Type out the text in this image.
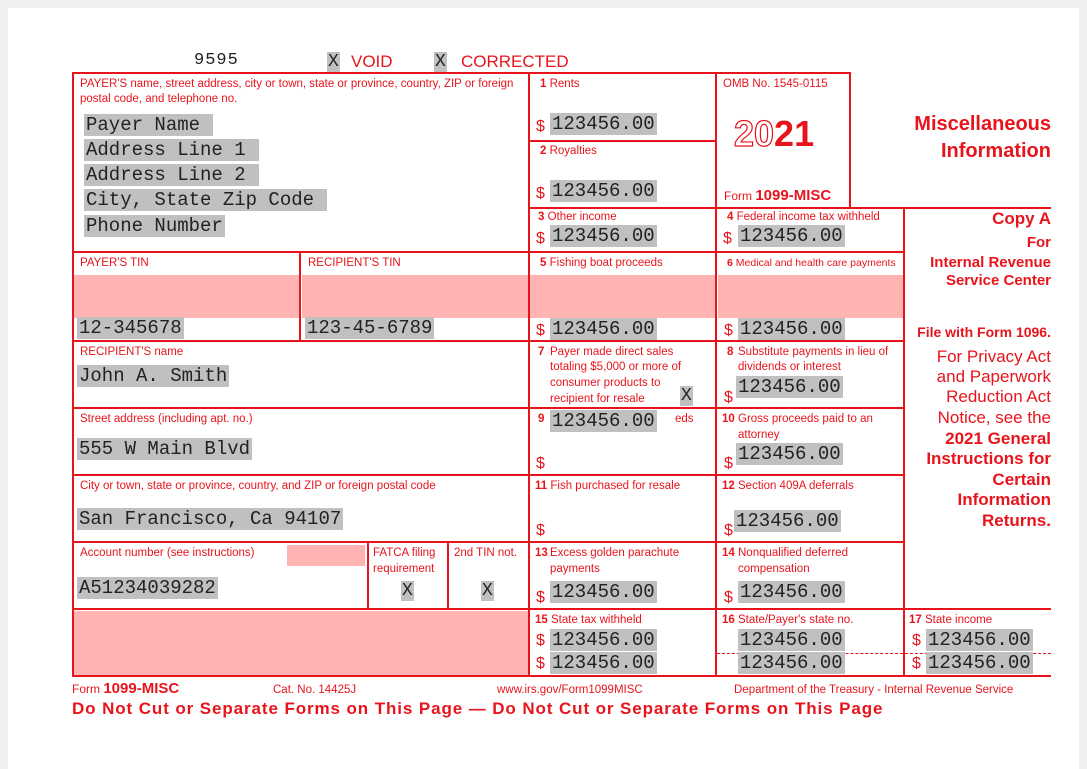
9595	X VOID X CORRECTED
PAYER'S name, street address, city or town, state or province, country, ZIP or foreign postal code, and telephone no.
Payer Name
Address Line 1
Address Line 2
City, State Zip Code
Phone Number
1 Rents
$ 123456.00
2 Royalties
$ 123456.00
OMB No. 1545-0115
2021
Form 1099-MISC
Miscellaneous
Information
Copy A
For
Internal Revenue
Service Center
File with Form 1096.
For Privacy Act
and Paperwork
Reduction Act
Notice, see the
2021 General
Instructions for
Certain
Information
Returns.
3 Other income
$ 123456.00
4 Federal income tax withheld
$ 123456.00
PAYER'S TIN
12-345678
RECIPIENT'S TIN
123-45-6789
5 Fishing boat proceeds
$ 123456.00
6 Medical and health care payments
$ 123456.00
RECIPIENT'S name
John A. Smith
7 Payer made direct sales
totaling $5,000 or more of
consumer products to
recipient for resale X
8 Substitute payments in lieu of
dividends or interest
$ 123456.00
Street address (including apt. no.)
555 W Main Blvd
9 123456.00 eds
$
10 Gross proceeds paid to an
attorney
$ 123456.00
City or town, state or province, country, and ZIP or foreign postal code
San Francisco, Ca 94107
11 Fish purchased for resale
$
12 Section 409A deferrals
$ 123456.00
Account number (see instructions)
A51234039282
FATCA filing
requirement
X
2nd TIN not.
X
13 Excess golden parachute
payments
$ 123456.00
14 Nonqualified deferred
compensation
$ 123456.00
15 State tax withheld
$ 123456.00
$ 123456.00
16 State/Payer's state no.
123456.00
123456.00
17 State income
$ 123456.00
$ 123456.00
Form 1099-MISC	Cat. No. 14425J	www.irs.gov/Form1099MISC	Department of the Treasury - Internal Revenue Service
Do Not Cut or Separate Forms on This Page — Do Not Cut or Separate Forms on This Page
